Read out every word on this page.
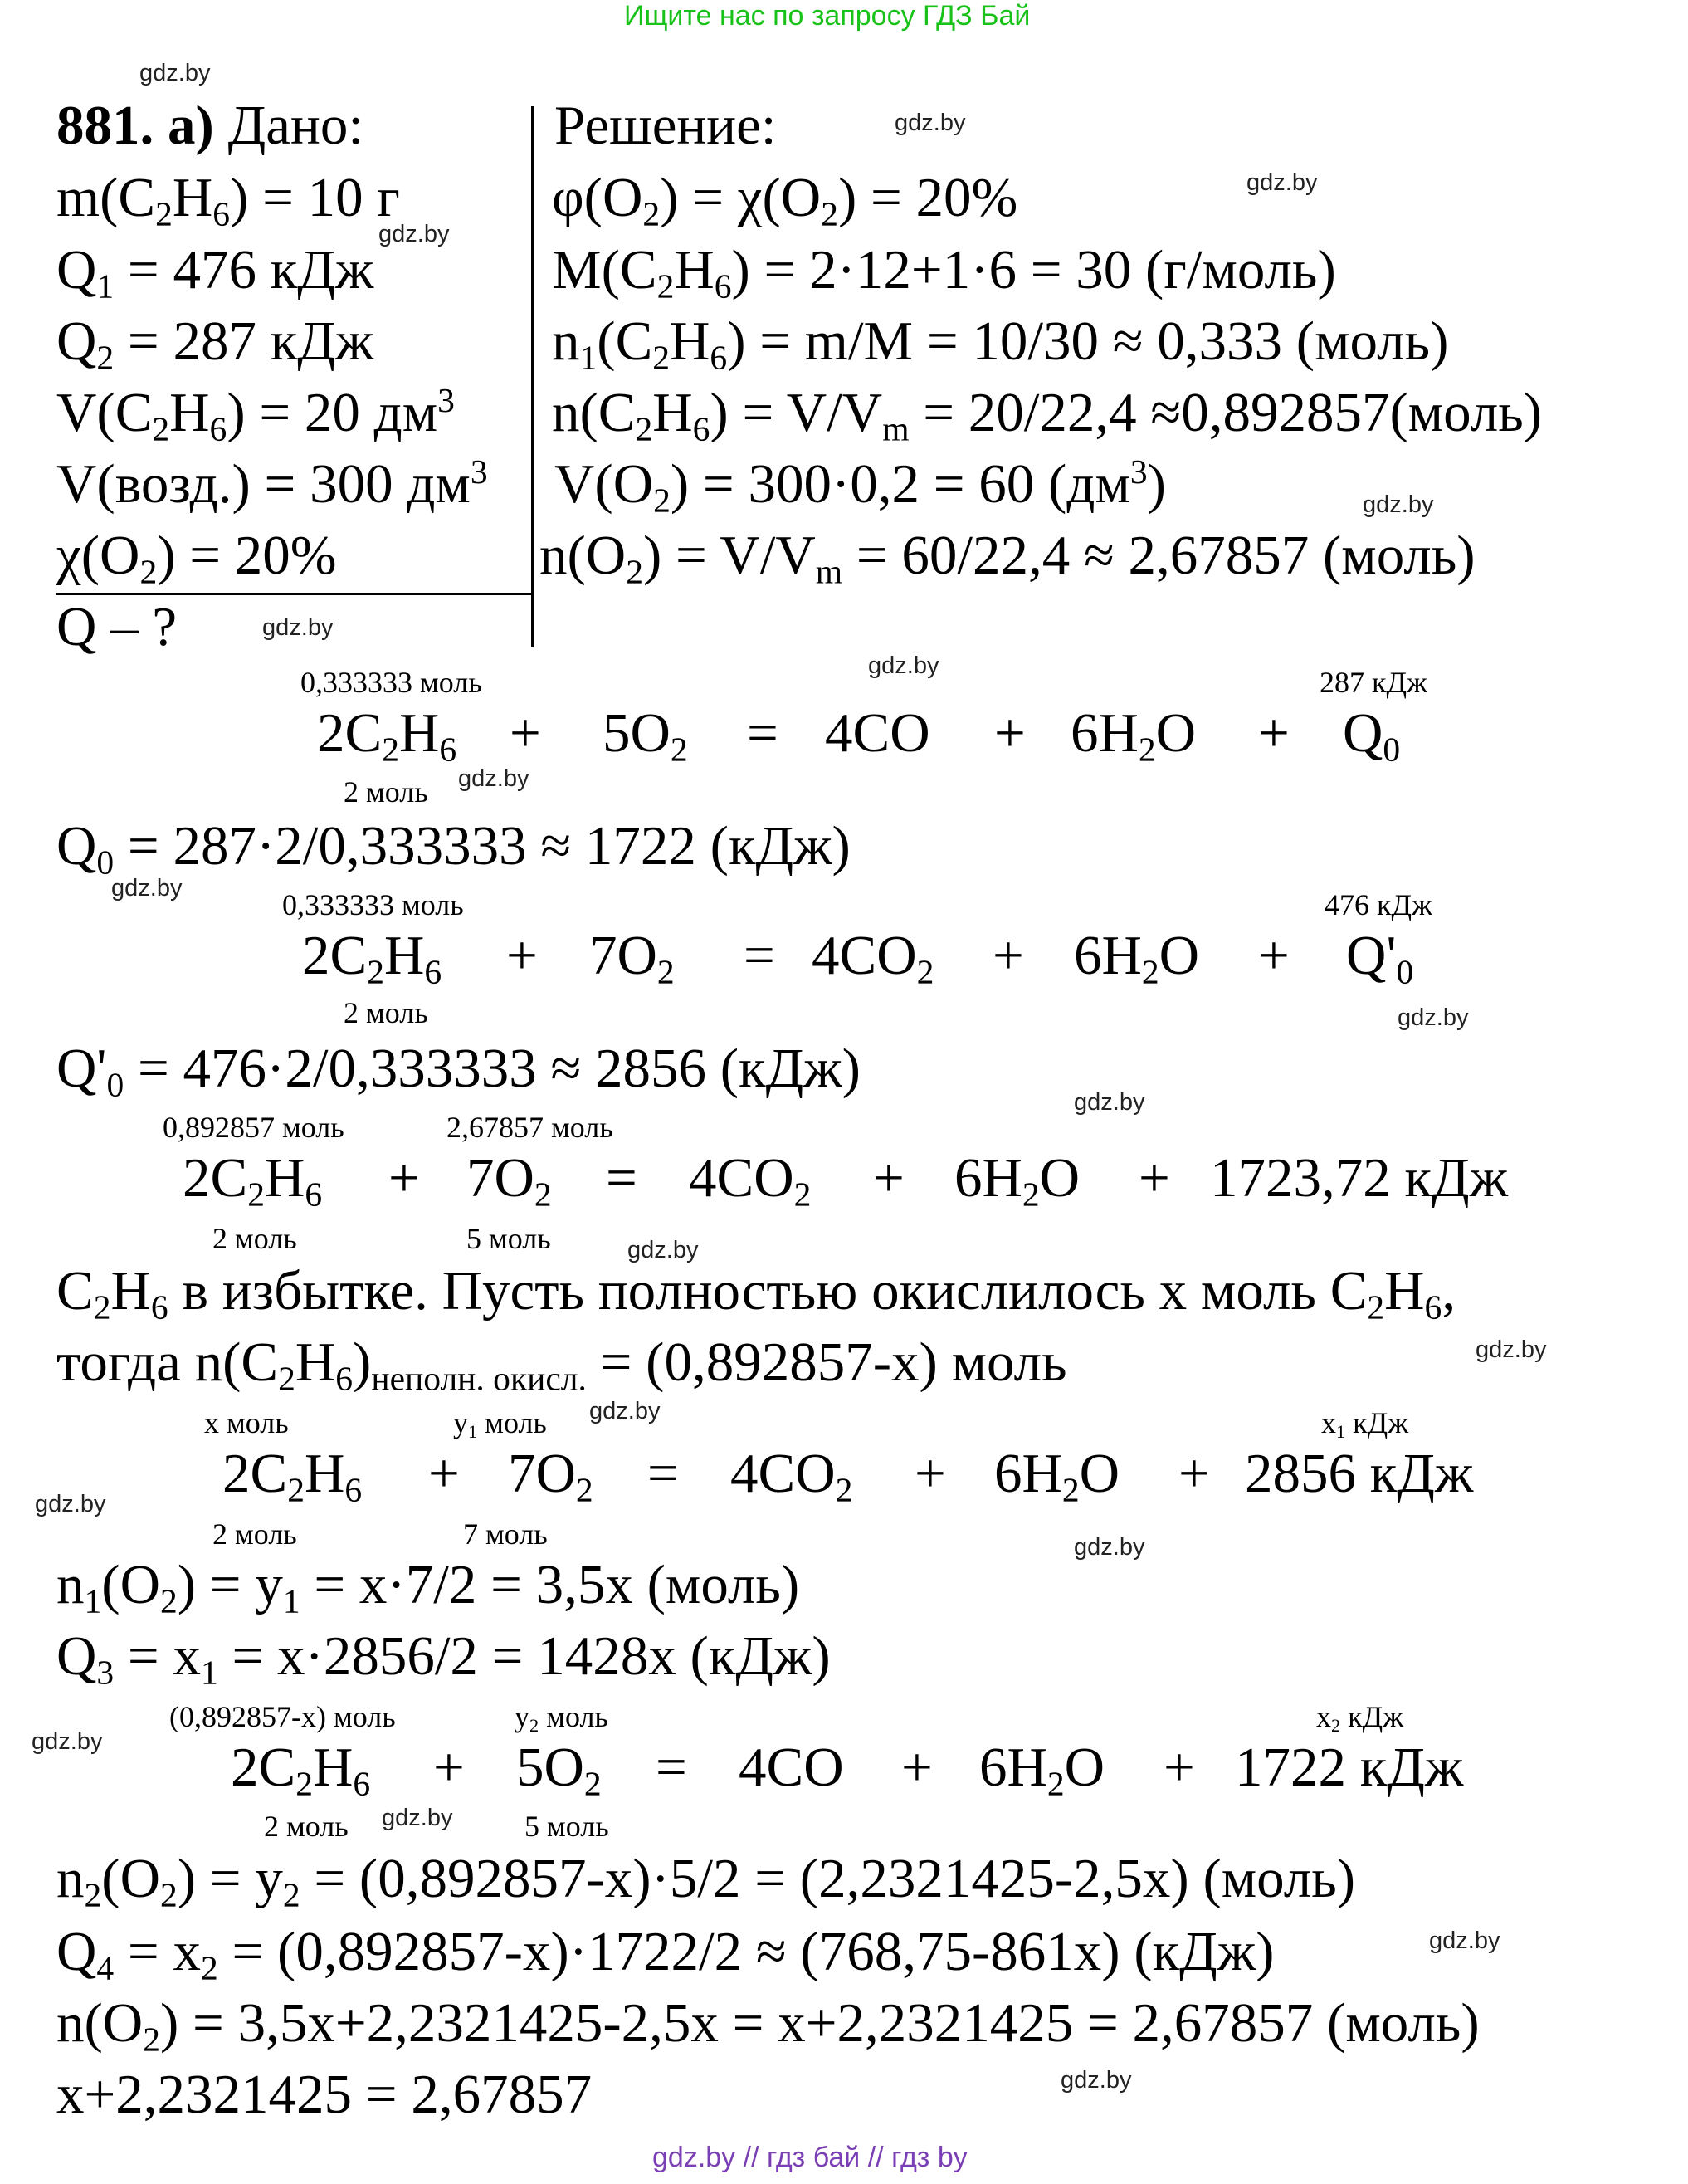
Ищите нас по запросу ГДЗ Бай
gdz.by // гдз бай // гдз by
gdz.by
gdz.by
gdz.by
gdz.by
gdz.by
gdz.by
gdz.by
gdz.by
gdz.by
gdz.by
gdz.by
gdz.by
gdz.by
gdz.by
gdz.by
gdz.by
gdz.by
gdz.by
gdz.by
gdz.by
881. а) Дано:	Решение:
$m(C_2H_6) = 10$ г
$Q_1 = 476$ кДж
$Q_2 = 287$ кДж
$V(C_2H_6) = 20$ $дм^3$
V(возд.) = 300 $дм^3$
$\chi(O_2) = 20\%$
Q – ?
$\varphi(O_2) = \chi(O_2) = 20\%$
$M(C_2H_6) = 2\cdot 12+1\cdot 6 = 30$ (г/моль)
$n_1(C_2H_6) = m/M = 10/30 \approx 0,333$ (моль)
$n(C_2H_6) = V/V_m = 20/22,4$ ≈0,892857(моль)
$V(O_2) = 300\cdot 0,2 = 60$ $(дм^3)$
$n(O_2) = V/V_m = 60/22,4 \approx 2,67857$ (моль)
$2C_2H_6 + 5O_2 = 4CO + 6H_2O + Q_0$
0,333333 моль	287 кДж
2 моль
$2C_2H_6 + 7O_2 = 4CO_2 + 6H_2O + Q'_0$
0,333333 моль	476 кДж
2 моль
$2C_2H_6 + 7O_2 = 4CO_2 + 6H_2O + 1723,72$ кДж
0,892857 моль	2,67857 моль
2 моль	5 моль
$2C_2H_6 + 7O_2 = 4CO_2 + 6H_2O + 2856$ кДж
x моль	$y_1$ моль	$x_1$ кДж
2 моль	7 моль
$2C_2H_6 + 5O_2 = 4CO + 6H_2O + 1722$ кДж
(0,892857-x) моль	$y_2$ моль	$x_2$ кДж
2 моль	5 моль
$Q_0 = 287\cdot 2/0,333333 \approx 1722$ (кДж)
$Q'_0 = 476\cdot 2/0,333333 \approx 2856$ (кДж)
$C_2H_6$ в избытке. Пусть полностью окислилось x моль $C_2H_6$,
тогда $n(C_2H_6)_{неполн. окисл.} = (0,892857-x)$ моль
$n_1(O_2) = y_1 = x\cdot 7/2 = 3,5x$ (моль)
$Q_3 = x_1 = x\cdot 2856/2 = 1428x$ (кДж)
$n_2(O_2) = y_2 = (0,892857-x)\cdot 5/2 = (2,2321425-2,5x)$ (моль)
$Q_4 = x_2 = (0,892857-x)\cdot 1722/2 \approx (768,75-861x)$ (кДж)
$n(O_2) = 3,5x+2,2321425-2,5x = x+2,2321425 = 2,67857$ (моль)
x+2,2321425 = 2,67857
